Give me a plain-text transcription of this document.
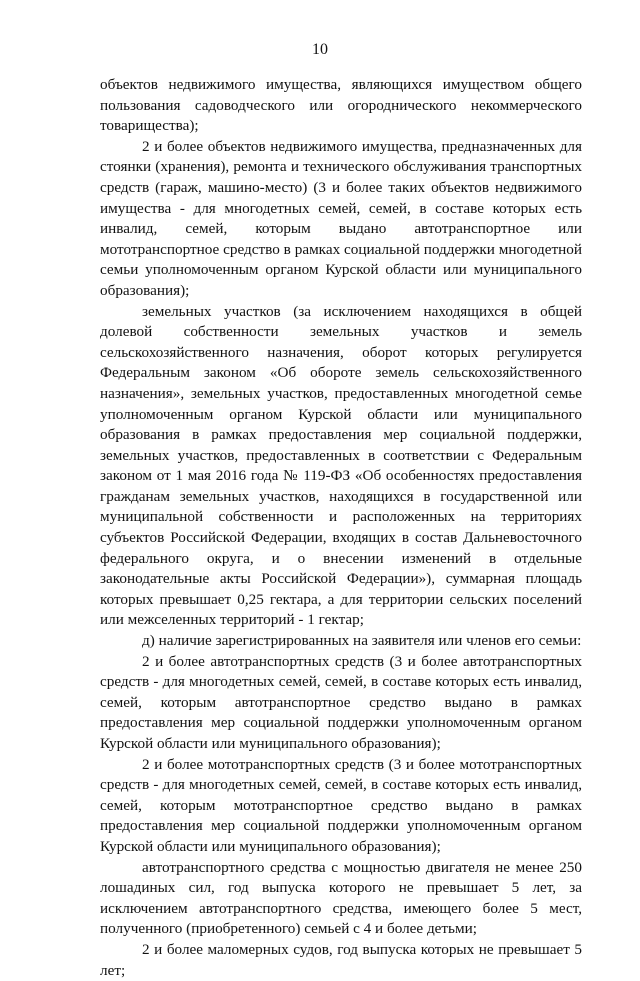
10

объектов недвижимого имущества, являющихся имуществом общего пользования садоводческого или огороднического некоммерческого товарищества);

2 и более объектов недвижимого имущества, предназначенных для стоянки (хранения), ремонта и технического обслуживания транспортных средств (гараж, машино-место) (3 и более таких объектов недвижимого имущества - для многодетных семей, семей, в составе которых есть инвалид, семей, которым выдано автотранспортное или мототранспортное средство в рамках социальной поддержки многодетной семьи уполномоченным органом Курской области или муниципального образования);

земельных участков (за исключением находящихся в общей долевой собственности земельных участков и земель сельскохозяйственного назначения, оборот которых регулируется Федеральным законом «Об обороте земель сельскохозяйственного назначения», земельных участков, предоставленных многодетной семье уполномоченным органом Курской области или муниципального образования в рамках предоставления мер социальной поддержки, земельных участков, предоставленных в соответствии с Федеральным законом от 1 мая 2016 года № 119-ФЗ «Об особенностях предоставления гражданам земельных участков, находящихся в государственной или муниципальной собственности и расположенных на территориях субъектов Российской Федерации, входящих в состав Дальневосточного федерального округа, и о внесении изменений в отдельные законодательные акты Российской Федерации»), суммарная площадь которых превышает 0,25 гектара, а для территории сельских поселений или межселенных территорий - 1 гектар;

д) наличие зарегистрированных на заявителя или членов его семьи:

2 и более автотранспортных средств (3 и более автотранспортных средств - для многодетных семей, семей, в составе которых есть инвалид, семей, которым автотранспортное средство выдано в рамках предоставления мер социальной поддержки уполномоченным органом Курской области или муниципального образования);

2 и более мототранспортных средств (3 и более мототранспортных средств - для многодетных семей, семей, в составе которых есть инвалид, семей, которым мототранспортное средство выдано в рамках предоставления мер социальной поддержки уполномоченным органом Курской области или муниципального образования);

автотранспортного средства с мощностью двигателя не менее 250 лошадиных сил, год выпуска которого не превышает 5 лет, за исключением автотранспортного средства, имеющего более 5 мест, полученного (приобретенного) семьей с 4 и более детьми;

2 и более маломерных судов, год выпуска которых не превышает 5 лет;
